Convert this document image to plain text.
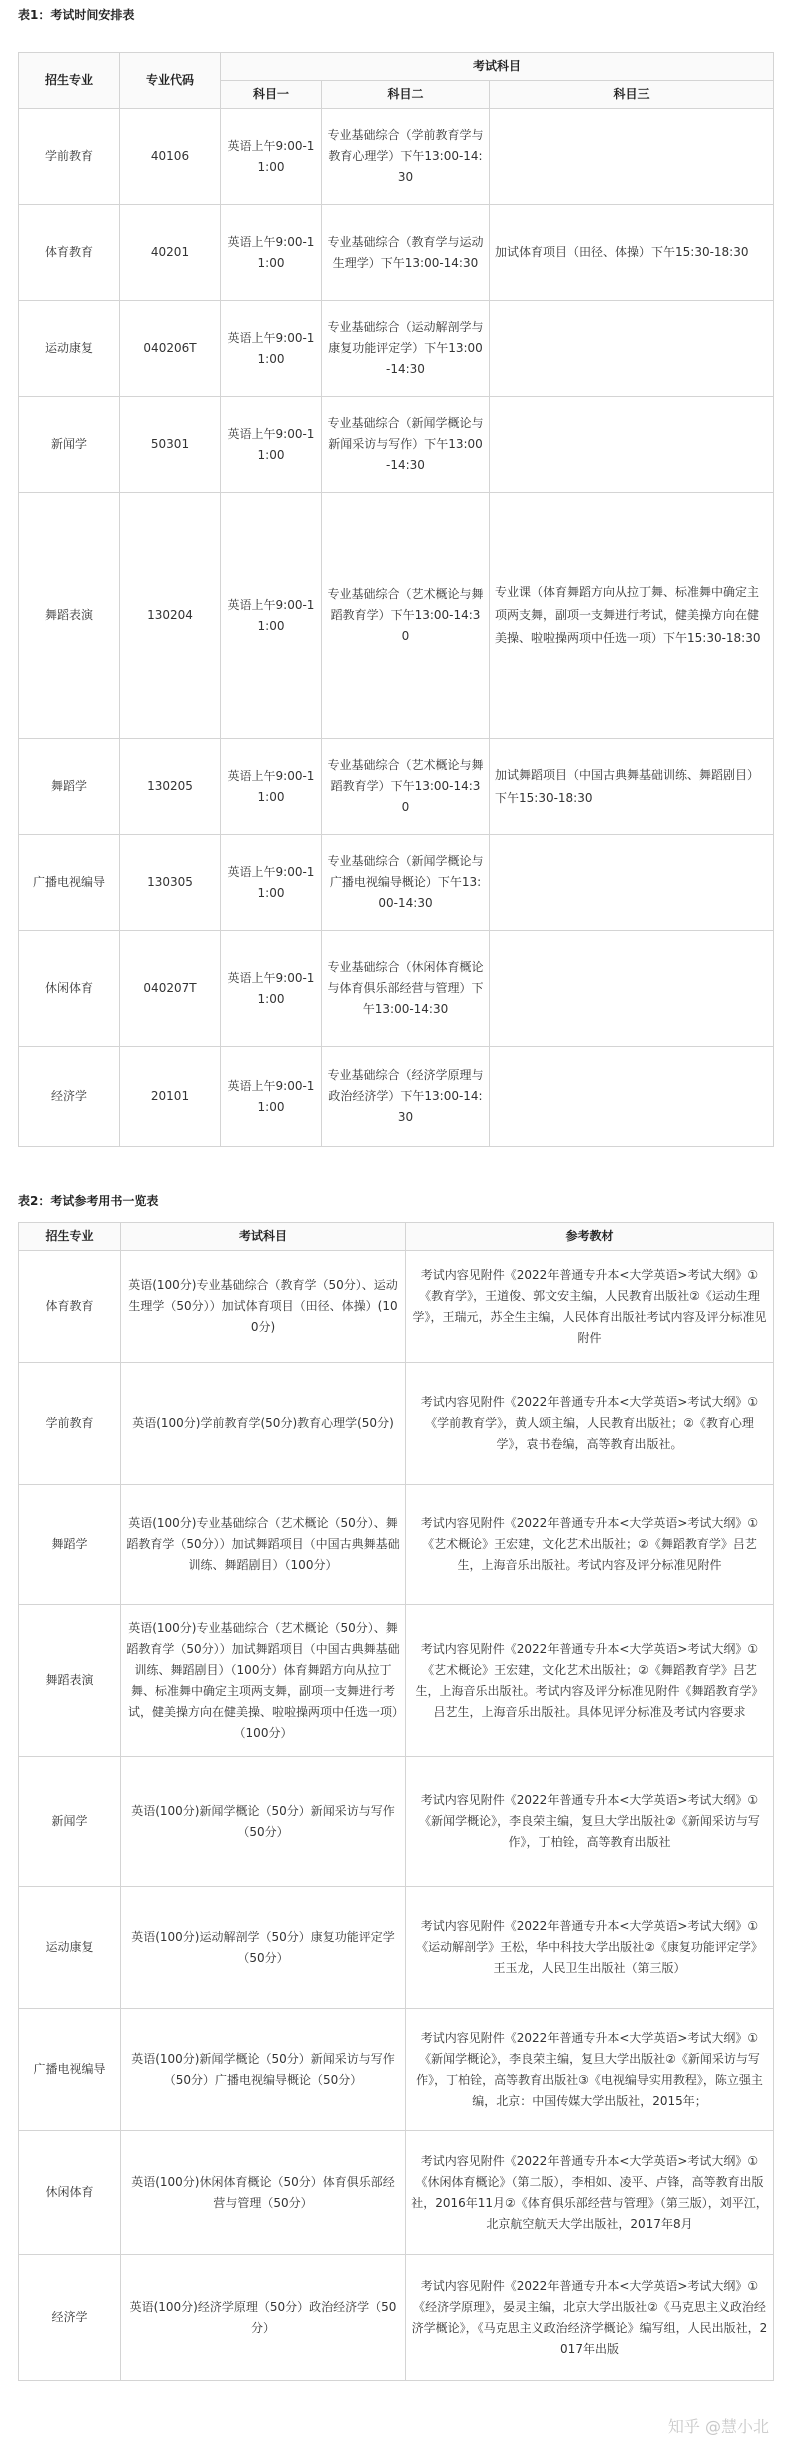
表1：考试时间安排表
招生专业	专业代码	考试科目		
		科目一	科目二	科目三
学前教育	40106	英语上午9:00-11:00	专业基础综合（学前教育学与教育心理学）下午13:00-14:30	
体育教育	40201	英语上午9:00-11:00	专业基础综合（教育学与运动生理学）下午13:00-14:30	加试体育项目（田径、体操）下午15:30-18:30
运动康复	040206T	英语上午9:00-11:00	专业基础综合（运动解剖学与康复功能评定学）下午13:00-14:30	
新闻学	50301	英语上午9:00-11:00	专业基础综合（新闻学概论与新闻采访与写作）下午13:00-14:30	
舞蹈表演	130204	英语上午9:00-11:00	专业基础综合（艺术概论与舞蹈教育学）下午13:00-14:30	专业课（体育舞蹈方向从拉丁舞、标准舞中确定主项两支舞，副项一支舞进行考试，健美操方向在健美操、啦啦操两项中任选一项）下午15:30-18:30
舞蹈学	130205	英语上午9:00-11:00	专业基础综合（艺术概论与舞蹈教育学）下午13:00-14:30	加试舞蹈项目（中国古典舞基础训练、舞蹈剧目）下午15:30-18:30
广播电视编导	130305	英语上午9:00-11:00	专业基础综合（新闻学概论与广播电视编导概论）下午13:00-14:30	
休闲体育	040207T	英语上午9:00-11:00	专业基础综合（休闲体育概论与体育俱乐部经营与管理）下午13:00-14:30	
经济学	20101	英语上午9:00-11:00	专业基础综合（经济学原理与政治经济学）下午13:00-14:30	
表2：考试参考用书一览表
招生专业	考试科目	参考教材
体育教育	英语(100分)专业基础综合（教育学（50分）、运动生理学（50分））加试体育项目（田径、体操）(100分)	考试内容见附件《2022年普通专升本<大学英语>考试大纲》①《教育学》，王道俊、郭文安主编，人民教育出版社②《运动生理学》，王瑞元，苏全生主编，人民体育出版社考试内容及评分标准见附件
学前教育	英语(100分)学前教育学(50分)教育心理学(50分)	考试内容见附件《2022年普通专升本<大学英语>考试大纲》①《学前教育学》，黄人颂主编，人民教育出版社；②《教育心理学》，袁书卷编，高等教育出版社。
舞蹈学	英语(100分)专业基础综合（艺术概论（50分）、舞蹈教育学（50分））加试舞蹈项目（中国古典舞基础训练、舞蹈剧目）（100分）	考试内容见附件《2022年普通专升本<大学英语>考试大纲》①《艺术概论》王宏建，文化艺术出版社；②《舞蹈教育学》吕艺生，上海音乐出版社。考试内容及评分标准见附件
舞蹈表演	英语(100分)专业基础综合（艺术概论（50分）、舞蹈教育学（50分））加试舞蹈项目（中国古典舞基础训练、舞蹈剧目）（100分）体育舞蹈方向从拉丁舞、标准舞中确定主项两支舞，副项一支舞进行考试，健美操方向在健美操、啦啦操两项中任选一项）（100分）	考试内容见附件《2022年普通专升本<大学英语>考试大纲》①《艺术概论》王宏建，文化艺术出版社；②《舞蹈教育学》吕艺生，上海音乐出版社。考试内容及评分标准见附件《舞蹈教育学》吕艺生，上海音乐出版社。具体见评分标准及考试内容要求
新闻学	英语(100分)新闻学概论（50分）新闻采访与写作（50分）	考试内容见附件《2022年普通专升本<大学英语>考试大纲》①《新闻学概论》，李良荣主编，复旦大学出版社②《新闻采访与写作》，丁柏铨，高等教育出版社
运动康复	英语(100分)运动解剖学（50分）康复功能评定学（50分）	考试内容见附件《2022年普通专升本<大学英语>考试大纲》①《运动解剖学》王松，华中科技大学出版社②《康复功能评定学》王玉龙，人民卫生出版社（第三版）
广播电视编导	英语(100分)新闻学概论（50分）新闻采访与写作（50分）广播电视编导概论（50分）	考试内容见附件《2022年普通专升本<大学英语>考试大纲》①《新闻学概论》，李良荣主编，复旦大学出版社②《新闻采访与写作》，丁柏铨，高等教育出版社③《电视编导实用教程》，陈立强主编，北京：中国传媒大学出版社，2015年；
休闲体育	英语(100分)休闲体育概论（50分）体育俱乐部经营与管理（50分）	考试内容见附件《2022年普通专升本<大学英语>考试大纲》①《休闲体育概论》（第二版），李相如、凌平、卢锋，高等教育出版社，2016年11月②《体育俱乐部经营与管理》（第三版），刘平江，北京航空航天大学出版社，2017年8月
经济学	英语(100分)经济学原理（50分）政治经济学（50分）	考试内容见附件《2022年普通专升本<大学英语>考试大纲》①《经济学原理》，晏灵主编，北京大学出版社②《马克思主义政治经济学概论》，《马克思主义政治经济学概论》编写组，人民出版社，2017年出版
知乎 @慧小北
